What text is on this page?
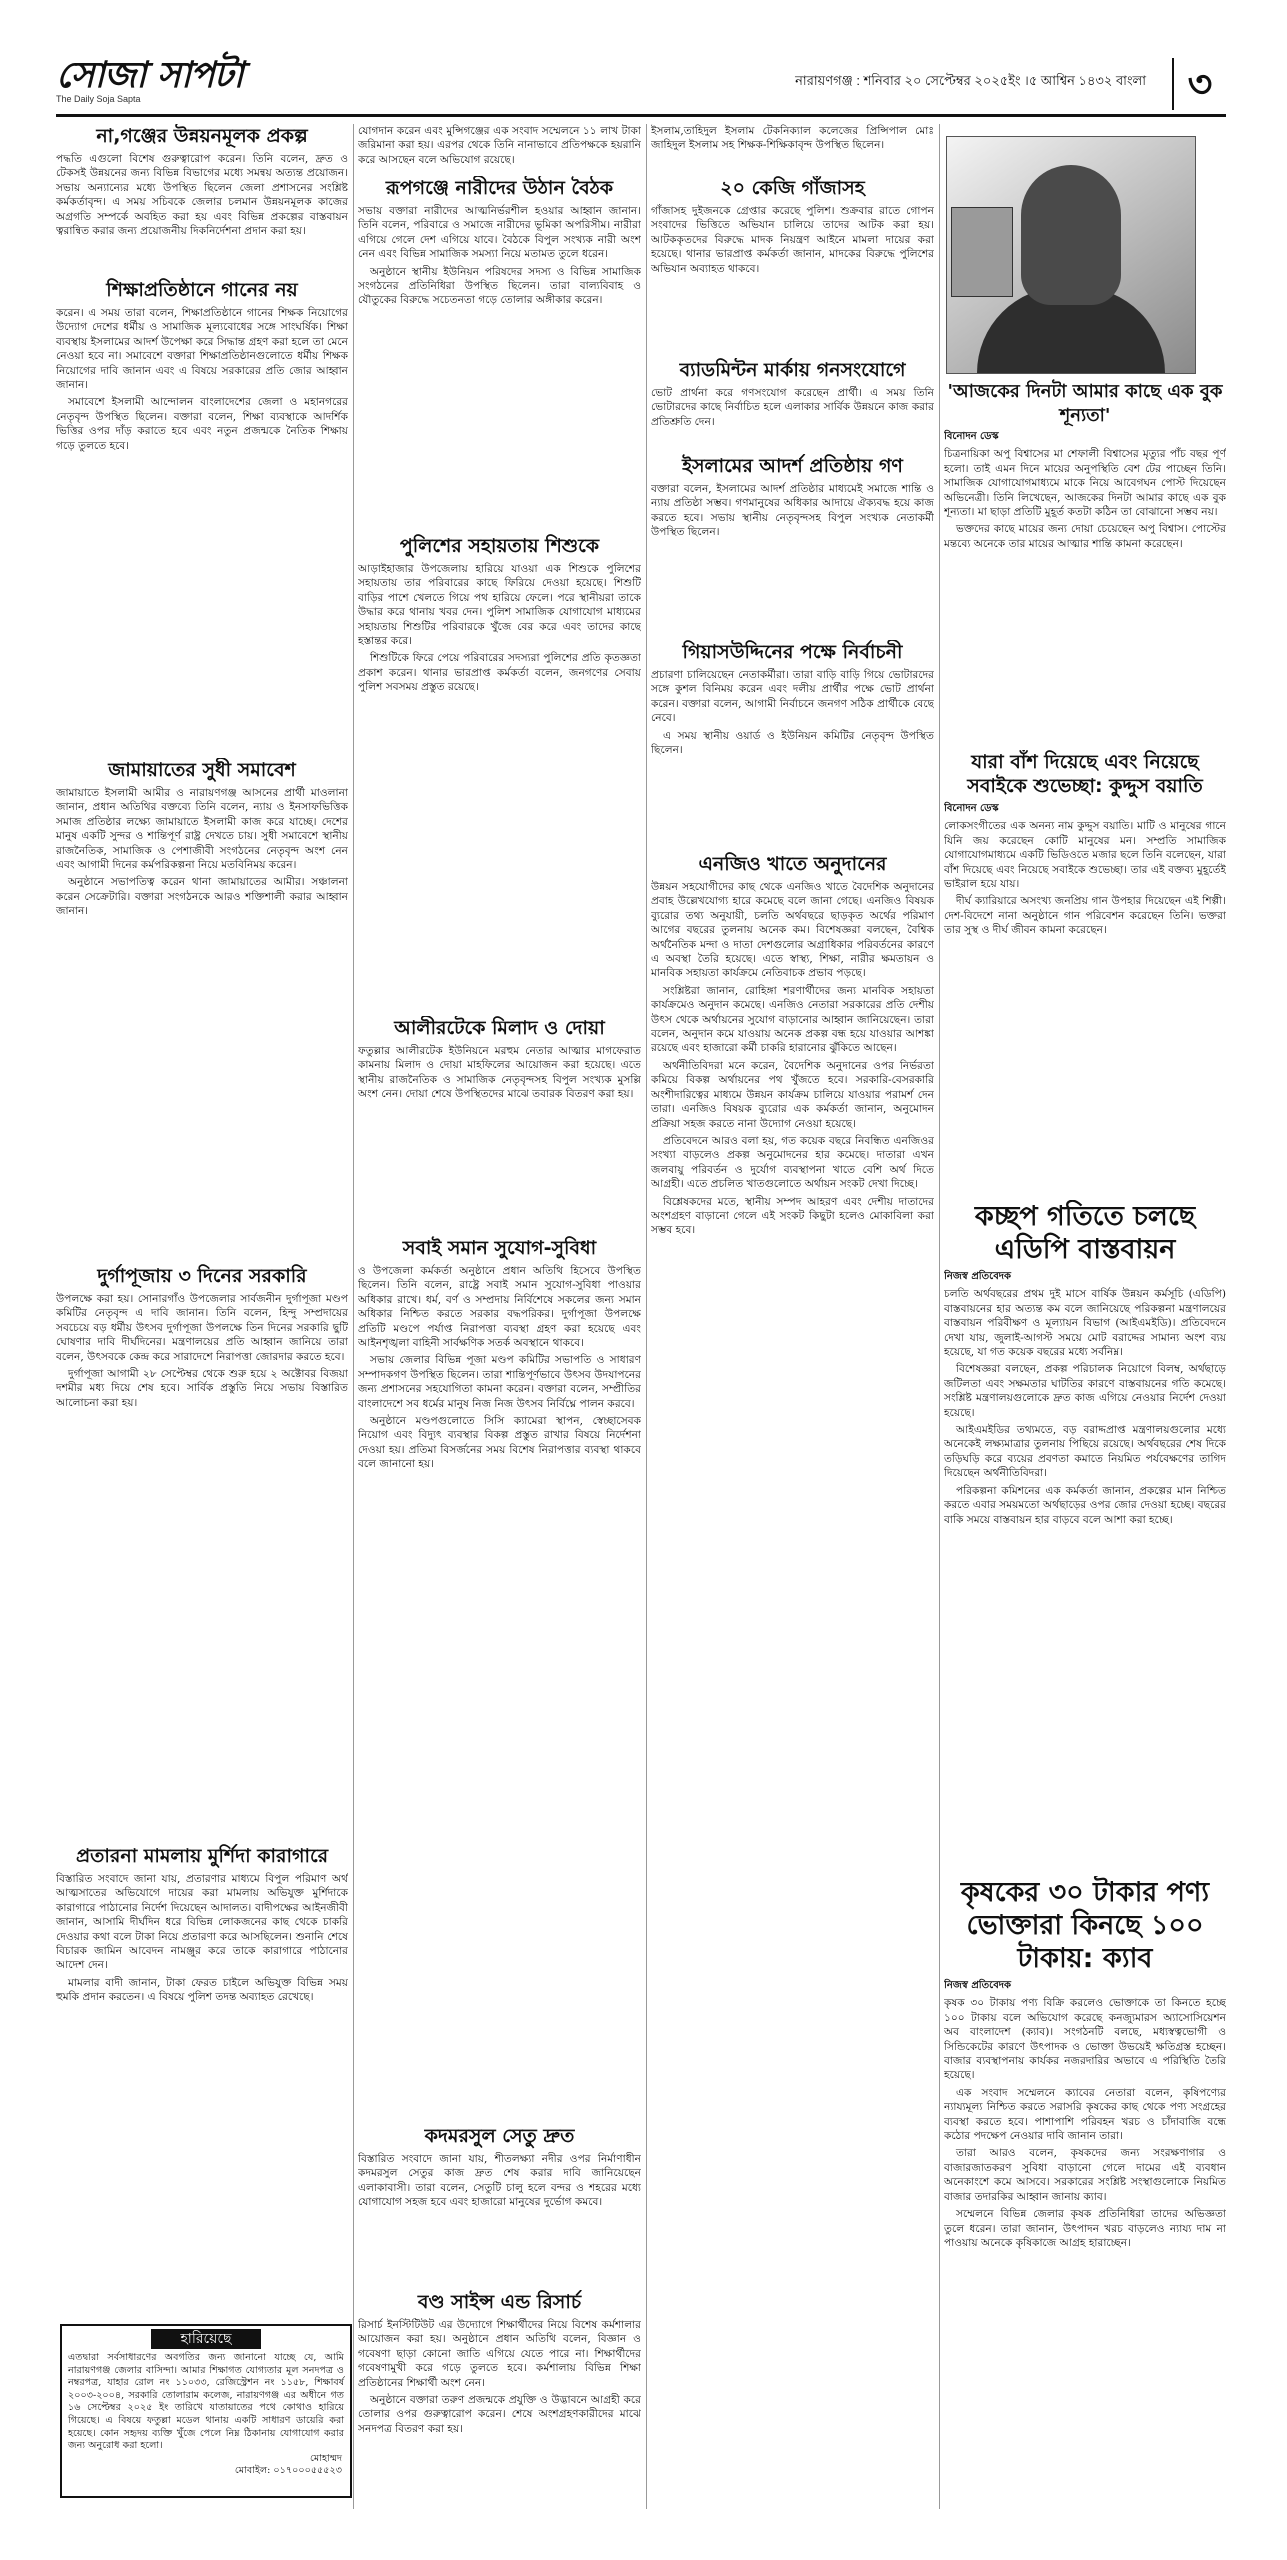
সোজা সাপটা
The Daily Soja Sapta
নারায়ণগঞ্জ : শনিবার ২০ সেপ্টেম্বর ২০২৫ইং ।৫ আশ্বিন ১৪৩২ বাংলা	৩
না,গঞ্জের উন্নয়নমূলক প্রকল্প

পদ্ধতি এগুলো বিশেষ গুরুত্বারোপ করেন। তিনি বলেন, দ্রুত ও টেকসই উন্নয়নের জন্য বিভিন্ন বিভাগের মধ্যে সমন্বয় অত্যন্ত প্রয়োজন। সভায় অন্যান্যের মধ্যে উপস্থিত ছিলেন জেলা প্রশাসনের সংশ্লিষ্ট কর্মকর্তাবৃন্দ। এ সময় সচিবকে জেলার চলমান উন্নয়নমূলক কাজের অগ্রগতি সম্পর্কে অবহিত করা হয় এবং বিভিন্ন প্রকল্পের বাস্তবায়ন ত্বরান্বিত করার জন্য প্রয়োজনীয় দিকনির্দেশনা প্রদান করা হয়।

শিক্ষাপ্রতিষ্ঠানে গানের নয়

করেন। এ সময় তারা বলেন, শিক্ষাপ্রতিষ্ঠানে গানের শিক্ষক নিয়োগের উদ্যোগ দেশের ধর্মীয় ও সামাজিক মূল্যবোধের সঙ্গে সাংঘর্ষিক। শিক্ষা ব্যবস্থায় ইসলামের আদর্শ উপেক্ষা করে সিদ্ধান্ত গ্রহণ করা হলে তা মেনে নেওয়া হবে না। সমাবেশে বক্তারা শিক্ষাপ্রতিষ্ঠানগুলোতে ধর্মীয় শিক্ষক নিয়োগের দাবি জানান এবং এ বিষয়ে সরকারের প্রতি জোর আহ্বান জানান।

সমাবেশে ইসলামী আন্দোলন বাংলাদেশের জেলা ও মহানগরের নেতৃবৃন্দ উপস্থিত ছিলেন। বক্তারা বলেন, শিক্ষা ব্যবস্থাকে আদর্শিক ভিত্তির ওপর দাঁড় করাতে হবে এবং নতুন প্রজন্মকে নৈতিক শিক্ষায় গড়ে তুলতে হবে।

জামায়াতের সুধী সমাবেশ

জামায়াতে ইসলামী আমীর ও নারায়ণগঞ্জ আসনের প্রার্থী মাওলানা জানান, প্রধান অতিথির বক্তব্যে তিনি বলেন, ন্যায় ও ইনসাফভিত্তিক সমাজ প্রতিষ্ঠার লক্ষ্যে জামায়াতে ইসলামী কাজ করে যাচ্ছে। দেশের মানুষ একটি সুন্দর ও শান্তিপূর্ণ রাষ্ট্র দেখতে চায়। সুধী সমাবেশে স্থানীয় রাজনৈতিক, সামাজিক ও পেশাজীবী সংগঠনের নেতৃবৃন্দ অংশ নেন এবং আগামী দিনের কর্মপরিকল্পনা নিয়ে মতবিনিময় করেন।

অনুষ্ঠানে সভাপতিত্ব করেন থানা জামায়াতের আমীর। সঞ্চালনা করেন সেক্রেটারি। বক্তারা সংগঠনকে আরও শক্তিশালী করার আহ্বান জানান।

দুর্গাপূজায় ৩ দিনের সরকারি

উপলক্ষে করা হয়। সোনারগাঁও উপজেলার সার্বজনীন দুর্গাপূজা মণ্ডপ কমিটির নেতৃবৃন্দ এ দাবি জানান। তিনি বলেন, হিন্দু সম্প্রদায়ের সবচেয়ে বড় ধর্মীয় উৎসব দুর্গাপূজা উপলক্ষে তিন দিনের সরকারি ছুটি ঘোষণার দাবি দীর্ঘদিনের। মন্ত্রণালয়ের প্রতি আহ্বান জানিয়ে তারা বলেন, উৎসবকে কেন্দ্র করে সারাদেশে নিরাপত্তা জোরদার করতে হবে।

দুর্গাপূজা আগামী ২৮ সেপ্টেম্বর থেকে শুরু হয়ে ২ অক্টোবর বিজয়া দশমীর মধ্য দিয়ে শেষ হবে। সার্বিক প্রস্তুতি নিয়ে সভায় বিস্তারিত আলোচনা করা হয়।

প্রতারনা মামলায় মুর্শিদা কারাগারে

বিস্তারিত সংবাদে জানা যায়, প্রতারণার মাধ্যমে বিপুল পরিমাণ অর্থ আত্মসাতের অভিযোগে দায়ের করা মামলায় অভিযুক্ত মুর্শিদাকে কারাগারে পাঠানোর নির্দেশ দিয়েছেন আদালত। বাদীপক্ষের আইনজীবী জানান, আসামি দীর্ঘদিন ধরে বিভিন্ন লোকজনের কাছ থেকে চাকরি দেওয়ার কথা বলে টাকা নিয়ে প্রতারণা করে আসছিলেন। শুনানি শেষে বিচারক জামিন আবেদন নামঞ্জুর করে তাকে কারাগারে পাঠানোর আদেশ দেন।

মামলার বাদী জানান, টাকা ফেরত চাইলে অভিযুক্ত বিভিন্ন সময় হুমকি প্রদান করতেন। এ বিষয়ে পুলিশ তদন্ত অব্যাহত রেখেছে।

হারিয়েছে
এতদ্বারা সর্বসাধারণের অবগতির জন্য জানানো যাচ্ছে যে, আমি নারায়ণগঞ্জ জেলার বাসিন্দা। আমার শিক্ষাগত যোগ্যতার মূল সনদপত্র ও নম্বরপত্র, যাহার রোল নং ১১০৩৩, রেজিস্ট্রেশন নং ১১৫৮, শিক্ষাবর্ষ ২০০৩-২০০৪, সরকারি তোলারাম কলেজ, নারায়ণগঞ্জ এর অধীনে গত ১৬ সেপ্টেম্বর ২০২৫ ইং তারিখে যাতায়াতের পথে কোথাও হারিয়ে গিয়েছে। এ বিষয়ে ফতুল্লা মডেল থানায় একটি সাধারণ ডায়েরি করা হয়েছে। কোন সহৃদয় ব্যক্তি খুঁজে পেলে নিম্ন ঠিকানায় যোগাযোগ করার জন্য অনুরোধ করা হলো।
মোহাম্মদ
মোবাইল: ০১৭০০০৫৫৫২৩

যোগদান করেন এবং মুন্সিগঞ্জের এক সংবাদ সম্মেলনে ১১ লাখ টাকা জরিমানা করা হয়। এরপর থেকে তিনি নানাভাবে প্রতিপক্ষকে হয়রানি করে আসছেন বলে অভিযোগ রয়েছে।

রূপগঞ্জে নারীদের উঠান বৈঠক

সভায় বক্তারা নারীদের আত্মনির্ভরশীল হওয়ার আহ্বান জানান। তিনি বলেন, পরিবারে ও সমাজে নারীদের ভূমিকা অপরিসীম। নারীরা এগিয়ে গেলে দেশ এগিয়ে যাবে। বৈঠকে বিপুল সংখ্যক নারী অংশ নেন এবং বিভিন্ন সামাজিক সমস্যা নিয়ে মতামত তুলে ধরেন।

অনুষ্ঠানে স্থানীয় ইউনিয়ন পরিষদের সদস্য ও বিভিন্ন সামাজিক সংগঠনের প্রতিনিধিরা উপস্থিত ছিলেন। তারা বাল্যবিবাহ ও যৌতুকের বিরুদ্ধে সচেতনতা গড়ে তোলার অঙ্গীকার করেন।

পুলিশের সহায়তায় শিশুকে

আড়াইহাজার উপজেলায় হারিয়ে যাওয়া এক শিশুকে পুলিশের সহায়তায় তার পরিবারের কাছে ফিরিয়ে দেওয়া হয়েছে। শিশুটি বাড়ির পাশে খেলতে গিয়ে পথ হারিয়ে ফেলে। পরে স্থানীয়রা তাকে উদ্ধার করে থানায় খবর দেন। পুলিশ সামাজিক যোগাযোগ মাধ্যমের সহায়তায় শিশুটির পরিবারকে খুঁজে বের করে এবং তাদের কাছে হস্তান্তর করে।

শিশুটিকে ফিরে পেয়ে পরিবারের সদস্যরা পুলিশের প্রতি কৃতজ্ঞতা প্রকাশ করেন। থানার ভারপ্রাপ্ত কর্মকর্তা বলেন, জনগণের সেবায় পুলিশ সবসময় প্রস্তুত রয়েছে।

আলীরটেকে মিলাদ ও দোয়া

ফতুল্লার আলীরটেক ইউনিয়নে মরহুম নেতার আত্মার মাগফেরাত কামনায় মিলাদ ও দোয়া মাহফিলের আয়োজন করা হয়েছে। এতে স্থানীয় রাজনৈতিক ও সামাজিক নেতৃবৃন্দসহ বিপুল সংখ্যক মুসল্লি অংশ নেন। দোয়া শেষে উপস্থিতদের মাঝে তবারক বিতরণ করা হয়।

সবাই সমান সুযোগ-সুবিধা

ও উপজেলা কর্মকর্তা অনুষ্ঠানে প্রধান অতিথি হিসেবে উপস্থিত ছিলেন। তিনি বলেন, রাষ্ট্রে সবাই সমান সুযোগ-সুবিধা পাওয়ার অধিকার রাখে। ধর্ম, বর্ণ ও সম্প্রদায় নির্বিশেষে সকলের জন্য সমান অধিকার নিশ্চিত করতে সরকার বদ্ধপরিকর। দুর্গাপূজা উপলক্ষে প্রতিটি মণ্ডপে পর্যাপ্ত নিরাপত্তা ব্যবস্থা গ্রহণ করা হয়েছে এবং আইনশৃঙ্খলা বাহিনী সার্বক্ষণিক সতর্ক অবস্থানে থাকবে।

সভায় জেলার বিভিন্ন পূজা মণ্ডপ কমিটির সভাপতি ও সাধারণ সম্পাদকগণ উপস্থিত ছিলেন। তারা শান্তিপূর্ণভাবে উৎসব উদযাপনের জন্য প্রশাসনের সহযোগিতা কামনা করেন। বক্তারা বলেন, সম্প্রীতির বাংলাদেশে সব ধর্মের মানুষ নিজ নিজ উৎসব নির্বিঘ্নে পালন করবে।

অনুষ্ঠানে মণ্ডপগুলোতে সিসি ক্যামেরা স্থাপন, স্বেচ্ছাসেবক নিয়োগ এবং বিদ্যুৎ ব্যবস্থার বিকল্প প্রস্তুত রাখার বিষয়ে নির্দেশনা দেওয়া হয়। প্রতিমা বিসর্জনের সময় বিশেষ নিরাপত্তার ব্যবস্থা থাকবে বলে জানানো হয়।

কদমরসুল সেতু দ্রুত

বিস্তারিত সংবাদে জানা যায়, শীতলক্ষ্যা নদীর ওপর নির্মাণাধীন কদমরসুল সেতুর কাজ দ্রুত শেষ করার দাবি জানিয়েছেন এলাকাবাসী। তারা বলেন, সেতুটি চালু হলে বন্দর ও শহরের মধ্যে যোগাযোগ সহজ হবে এবং হাজারো মানুষের দুর্ভোগ কমবে।

বণ্ড সাইন্স এন্ড রিসার্চ

রিসার্চ ইনস্টিটিউট এর উদ্যোগে শিক্ষার্থীদের নিয়ে বিশেষ কর্মশালার আয়োজন করা হয়। অনুষ্ঠানে প্রধান অতিথি বলেন, বিজ্ঞান ও গবেষণা ছাড়া কোনো জাতি এগিয়ে যেতে পারে না। শিক্ষার্থীদের গবেষণামুখী করে গড়ে তুলতে হবে। কর্মশালায় বিভিন্ন শিক্ষা প্রতিষ্ঠানের শিক্ষার্থী অংশ নেন।

অনুষ্ঠানে বক্তারা তরুণ প্রজন্মকে প্রযুক্তি ও উদ্ভাবনে আগ্রহী করে তোলার ওপর গুরুত্বারোপ করেন। শেষে অংশগ্রহণকারীদের মাঝে সনদপত্র বিতরণ করা হয়।

ইসলাম,তাহিদুল ইসলাম টেকনিক্যাল কলেজের প্রিন্সিপাল মোঃ জাহিদুল ইসলাম সহ শিক্ষক-শিক্ষিকাবৃন্দ উপস্থিত ছিলেন।

২০ কেজি গাঁজাসহ

গাঁজাসহ দুইজনকে গ্রেপ্তার করেছে পুলিশ। শুক্রবার রাতে গোপন সংবাদের ভিত্তিতে অভিযান চালিয়ে তাদের আটক করা হয়। আটককৃতদের বিরুদ্ধে মাদক নিয়ন্ত্রণ আইনে মামলা দায়ের করা হয়েছে। থানার ভারপ্রাপ্ত কর্মকর্তা জানান, মাদকের বিরুদ্ধে পুলিশের অভিযান অব্যাহত থাকবে।

ব্যাডমিন্টন মার্কায় গনসংযোগে

ভোট প্রার্থনা করে গণসংযোগ করেছেন প্রার্থী। এ সময় তিনি ভোটারদের কাছে নির্বাচিত হলে এলাকার সার্বিক উন্নয়নে কাজ করার প্রতিশ্রুতি দেন।

ইসলামের আদর্শ প্রতিষ্ঠায় গণ

বক্তারা বলেন, ইসলামের আদর্শ প্রতিষ্ঠার মাধ্যমেই সমাজে শান্তি ও ন্যায় প্রতিষ্ঠা সম্ভব। গণমানুষের অধিকার আদায়ে ঐক্যবদ্ধ হয়ে কাজ করতে হবে। সভায় স্থানীয় নেতৃবৃন্দসহ বিপুল সংখ্যক নেতাকর্মী উপস্থিত ছিলেন।

গিয়াসউদ্দিনের পক্ষে নির্বাচনী

প্রচারণা চালিয়েছেন নেতাকর্মীরা। তারা বাড়ি বাড়ি গিয়ে ভোটারদের সঙ্গে কুশল বিনিময় করেন এবং দলীয় প্রার্থীর পক্ষে ভোট প্রার্থনা করেন। বক্তারা বলেন, আগামী নির্বাচনে জনগণ সঠিক প্রার্থীকে বেছে নেবে।

এ সময় স্থানীয় ওয়ার্ড ও ইউনিয়ন কমিটির নেতৃবৃন্দ উপস্থিত ছিলেন।

এনজিও খাতে অনুদানের

উন্নয়ন সহযোগীদের কাছ থেকে এনজিও খাতে বৈদেশিক অনুদানের প্রবাহ উল্লেখযোগ্য হারে কমেছে বলে জানা গেছে। এনজিও বিষয়ক ব্যুরোর তথ্য অনুযায়ী, চলতি অর্থবছরে ছাড়কৃত অর্থের পরিমাণ আগের বছরের তুলনায় অনেক কম। বিশেষজ্ঞরা বলছেন, বৈশ্বিক অর্থনৈতিক মন্দা ও দাতা দেশগুলোর অগ্রাধিকার পরিবর্তনের কারণে এ অবস্থা তৈরি হয়েছে। এতে স্বাস্থ্য, শিক্ষা, নারীর ক্ষমতায়ন ও মানবিক সহায়তা কার্যক্রমে নেতিবাচক প্রভাব পড়ছে।

সংশ্লিষ্টরা জানান, রোহিঙ্গা শরণার্থীদের জন্য মানবিক সহায়তা কার্যক্রমেও অনুদান কমেছে। এনজিও নেতারা সরকারের প্রতি দেশীয় উৎস থেকে অর্থায়নের সুযোগ বাড়ানোর আহ্বান জানিয়েছেন। তারা বলেন, অনুদান কমে যাওয়ায় অনেক প্রকল্প বন্ধ হয়ে যাওয়ার আশঙ্কা রয়েছে এবং হাজারো কর্মী চাকরি হারানোর ঝুঁকিতে আছেন।

অর্থনীতিবিদরা মনে করেন, বৈদেশিক অনুদানের ওপর নির্ভরতা কমিয়ে বিকল্প অর্থায়নের পথ খুঁজতে হবে। সরকারি-বেসরকারি অংশীদারিত্বের মাধ্যমে উন্নয়ন কার্যক্রম চালিয়ে যাওয়ার পরামর্শ দেন তারা। এনজিও বিষয়ক ব্যুরোর এক কর্মকর্তা জানান, অনুমোদন প্রক্রিয়া সহজ করতে নানা উদ্যোগ নেওয়া হয়েছে।

প্রতিবেদনে আরও বলা হয়, গত কয়েক বছরে নিবন্ধিত এনজিওর সংখ্যা বাড়লেও প্রকল্প অনুমোদনের হার কমেছে। দাতারা এখন জলবায়ু পরিবর্তন ও দুর্যোগ ব্যবস্থাপনা খাতে বেশি অর্থ দিতে আগ্রহী। এতে প্রচলিত খাতগুলোতে অর্থায়ন সংকট দেখা দিচ্ছে।

বিশ্লেষকদের মতে, স্থানীয় সম্পদ আহরণ এবং দেশীয় দাতাদের অংশগ্রহণ বাড়ানো গেলে এই সংকট কিছুটা হলেও মোকাবিলা করা সম্ভব হবে।

'আজকের দিনটা আমার কাছে এক বুক শূন্যতা'
বিনোদন ডেস্ক

চিত্রনায়িকা অপু বিশ্বাসের মা শেফালী বিশ্বাসের মৃত্যুর পাঁচ বছর পূর্ণ হলো। তাই এমন দিনে মায়ের অনুপস্থিতি বেশ টের পাচ্ছেন তিনি। সামাজিক যোগাযোগমাধ্যমে মাকে নিয়ে আবেগঘন পোস্ট দিয়েছেন অভিনেত্রী। তিনি লিখেছেন, আজকের দিনটা আমার কাছে এক বুক শূন্যতা। মা ছাড়া প্রতিটি মুহূর্ত কতটা কঠিন তা বোঝানো সম্ভব নয়।

ভক্তদের কাছে মায়ের জন্য দোয়া চেয়েছেন অপু বিশ্বাস। পোস্টের মন্তব্যে অনেকে তার মায়ের আত্মার শান্তি কামনা করেছেন।

যারা বাঁশ দিয়েছে এবং নিয়েছে সবাইকে শুভেচ্ছা: কুদ্দুস বয়াতি
বিনোদন ডেস্ক

লোকসংগীতের এক অনন্য নাম কুদ্দুস বয়াতি। মাটি ও মানুষের গানে যিনি জয় করেছেন কোটি মানুষের মন। সম্প্রতি সামাজিক যোগাযোগমাধ্যমে একটি ভিডিওতে মজার ছলে তিনি বলেছেন, যারা বাঁশ দিয়েছে এবং নিয়েছে সবাইকে শুভেচ্ছা। তার এই বক্তব্য মুহূর্তেই ভাইরাল হয়ে যায়।

দীর্ঘ ক্যারিয়ারে অসংখ্য জনপ্রিয় গান উপহার দিয়েছেন এই শিল্পী। দেশ-বিদেশে নানা অনুষ্ঠানে গান পরিবেশন করেছেন তিনি। ভক্তরা তার সুস্থ ও দীর্ঘ জীবন কামনা করেছেন।

কচ্ছপ গতিতে চলছে এডিপি বাস্তবায়ন
নিজস্ব প্রতিবেদক

চলতি অর্থবছরের প্রথম দুই মাসে বার্ষিক উন্নয়ন কর্মসূচি (এডিপি) বাস্তবায়নের হার অত্যন্ত কম বলে জানিয়েছে পরিকল্পনা মন্ত্রণালয়ের বাস্তবায়ন পরিবীক্ষণ ও মূল্যায়ন বিভাগ (আইএমইডি)। প্রতিবেদনে দেখা যায়, জুলাই-আগস্ট সময়ে মোট বরাদ্দের সামান্য অংশ ব্যয় হয়েছে, যা গত কয়েক বছরের মধ্যে সর্বনিম্ন।

বিশেষজ্ঞরা বলছেন, প্রকল্প পরিচালক নিয়োগে বিলম্ব, অর্থছাড়ে জটিলতা এবং সক্ষমতার ঘাটতির কারণে বাস্তবায়নের গতি কমেছে। সংশ্লিষ্ট মন্ত্রণালয়গুলোকে দ্রুত কাজ এগিয়ে নেওয়ার নির্দেশ দেওয়া হয়েছে।

আইএমইডির তথ্যমতে, বড় বরাদ্দপ্রাপ্ত মন্ত্রণালয়গুলোর মধ্যে অনেকেই লক্ষ্যমাত্রার তুলনায় পিছিয়ে রয়েছে। অর্থবছরের শেষ দিকে তড়িঘড়ি করে ব্যয়ের প্রবণতা কমাতে নিয়মিত পর্যবেক্ষণের তাগিদ দিয়েছেন অর্থনীতিবিদরা।

পরিকল্পনা কমিশনের এক কর্মকর্তা জানান, প্রকল্পের মান নিশ্চিত করতে এবার সময়মতো অর্থছাড়ের ওপর জোর দেওয়া হচ্ছে। বছরের বাকি সময়ে বাস্তবায়ন হার বাড়বে বলে আশা করা হচ্ছে।

কৃষকের ৩০ টাকার পণ্য ভোক্তারা কিনছে ১০০ টাকায়: ক্যাব
নিজস্ব প্রতিবেদক

কৃষক ৩০ টাকায় পণ্য বিক্রি করলেও ভোক্তাকে তা কিনতে হচ্ছে ১০০ টাকায় বলে অভিযোগ করেছে কনজ্যুমারস অ্যাসোসিয়েশন অব বাংলাদেশ (ক্যাব)। সংগঠনটি বলছে, মধ্যস্বত্বভোগী ও সিন্ডিকেটের কারণে উৎপাদক ও ভোক্তা উভয়েই ক্ষতিগ্রস্ত হচ্ছেন। বাজার ব্যবস্থাপনায় কার্যকর নজরদারির অভাবে এ পরিস্থিতি তৈরি হয়েছে।

এক সংবাদ সম্মেলনে ক্যাবের নেতারা বলেন, কৃষিপণ্যের ন্যায্যমূল্য নিশ্চিত করতে সরাসরি কৃষকের কাছ থেকে পণ্য সংগ্রহের ব্যবস্থা করতে হবে। পাশাপাশি পরিবহন খরচ ও চাঁদাবাজি বন্ধে কঠোর পদক্ষেপ নেওয়ার দাবি জানান তারা।

তারা আরও বলেন, কৃষকদের জন্য সংরক্ষণাগার ও বাজারজাতকরণ সুবিধা বাড়ানো গেলে দামের এই ব্যবধান অনেকাংশে কমে আসবে। সরকারের সংশ্লিষ্ট সংস্থাগুলোকে নিয়মিত বাজার তদারকির আহ্বান জানায় ক্যাব।

সম্মেলনে বিভিন্ন জেলার কৃষক প্রতিনিধিরা তাদের অভিজ্ঞতা তুলে ধরেন। তারা জানান, উৎপাদন খরচ বাড়লেও ন্যায্য দাম না পাওয়ায় অনেকে কৃষিকাজে আগ্রহ হারাচ্ছেন।
